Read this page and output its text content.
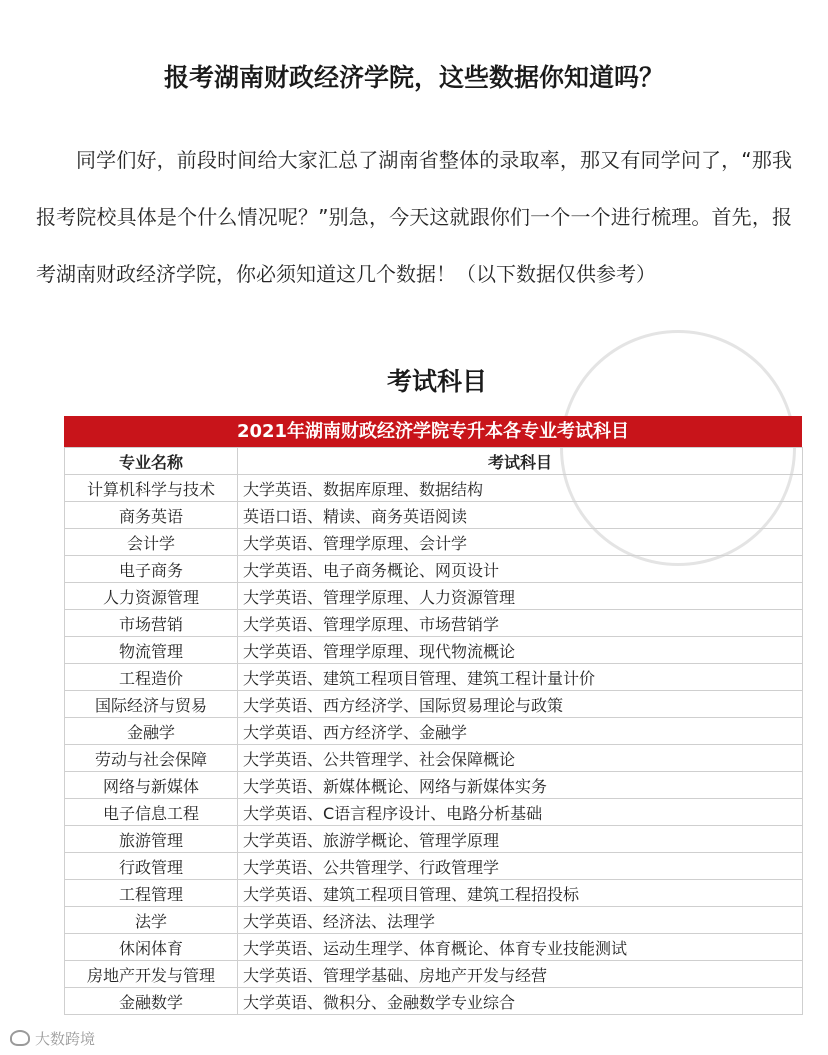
报考湖南财政经济学院，这些数据你知道吗？

同学们好，前段时间给大家汇总了湖南省整体的录取率，那又有同学问了，“那我报考院校具体是个什么情况呢？”别急，今天这就跟你们一个一个进行梳理。首先，报考湖南财政经济学院，你必须知道这几个数据！（以下数据仅供参考）

考试科目
2021年湖南财政经济学院专升本各专业考试科目
专业名称	考试科目
计算机科学与技术	大学英语、数据库原理、数据结构
商务英语	英语口语、精读、商务英语阅读
会计学	大学英语、管理学原理、会计学
电子商务	大学英语、电子商务概论、网页设计
人力资源管理	大学英语、管理学原理、人力资源管理
市场营销	大学英语、管理学原理、市场营销学
物流管理	大学英语、管理学原理、现代物流概论
工程造价	大学英语、建筑工程项目管理、建筑工程计量计价
国际经济与贸易	大学英语、西方经济学、国际贸易理论与政策
金融学	大学英语、西方经济学、金融学
劳动与社会保障	大学英语、公共管理学、社会保障概论
网络与新媒体	大学英语、新媒体概论、网络与新媒体实务
电子信息工程	大学英语、C语言程序设计、电路分析基础
旅游管理	大学英语、旅游学概论、管理学原理
行政管理	大学英语、公共管理学、行政管理学
工程管理	大学英语、建筑工程项目管理、建筑工程招投标
法学	大学英语、经济法、法理学
休闲体育	大学英语、运动生理学、体育概论、体育专业技能测试
房地产开发与管理	大学英语、管理学基础、房地产开发与经营
金融数学	大学英语、微积分、金融数学专业综合
大数跨境
